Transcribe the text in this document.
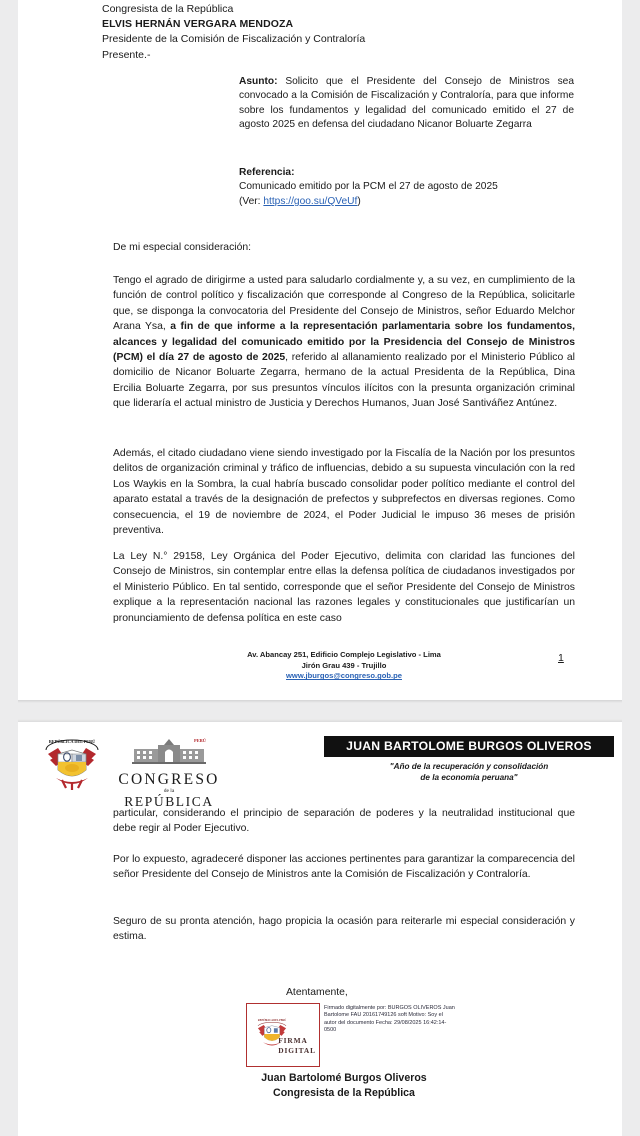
Congresista de la República
ELVIS HERNÁN VERGARA MENDOZA
Presidente de la Comisión de Fiscalización y Contraloría
Presente.-
Asunto: Solicito que el Presidente del Consejo de Ministros sea convocado a la Comisión de Fiscalización y Contraloría, para que informe sobre los fundamentos y legalidad del comunicado emitido el 27 de agosto 2025 en defensa del ciudadano Nicanor Boluarte Zegarra
Referencia:
Comunicado emitido por la PCM el 27 de agosto de 2025
(Ver: https://goo.su/QVeUf)
De mi especial consideración:
Tengo el agrado de dirigirme a usted para saludarlo cordialmente y, a su vez, en cumplimiento de la función de control político y fiscalización que corresponde al Congreso de la República, solicitarle que, se disponga la convocatoria del Presidente del Consejo de Ministros, señor Eduardo Melchor Arana Ysa, a fin de que informe a la representación parlamentaria sobre los fundamentos, alcances y legalidad del comunicado emitido por la Presidencia del Consejo de Ministros (PCM) el día 27 de agosto de 2025, referido al allanamiento realizado por el Ministerio Público al domicilio de Nicanor Boluarte Zegarra, hermano de la actual Presidenta de la República, Dina Ercilia Boluarte Zegarra, por sus presuntos vínculos ilícitos con la presunta organización criminal que lideraría el actual ministro de Justicia y Derechos Humanos, Juan José Santiváñez Antúnez.
Además, el citado ciudadano viene siendo investigado por la Fiscalía de la Nación por los presuntos delitos de organización criminal y tráfico de influencias, debido a su supuesta vinculación con la red Los Waykis en la Sombra, la cual habría buscado consolidar poder político mediante el control del aparato estatal a través de la designación de prefectos y subprefectos en diversas regiones. Como consecuencia, el 19 de noviembre de 2024, el Poder Judicial le impuso 36 meses de prisión preventiva.
La Ley N.° 29158, Ley Orgánica del Poder Ejecutivo, delimita con claridad las funciones del Consejo de Ministros, sin contemplar entre ellas la defensa política de ciudadanos investigados por el Ministerio Público. En tal sentido, corresponde que el señor Presidente del Consejo de Ministros explique a la representación nacional las razones legales y constitucionales que justificarían un pronunciamiento de defensa política en este caso
Av. Abancay 251, Edificio Complejo Legislativo - Lima
Jirón Grau 439 - Trujillo
www.jburgos@congreso.gob.pe
1
REPÚBLICA DEL PERÚ	PERÚ
CONGRESO
de la
REPÚBLICA
JUAN BARTOLOME BURGOS OLIVEROS
"Año de la recuperación y consolidación
de la economía peruana"
particular, considerando el principio de separación de poderes y la neutralidad institucional que debe regir al Poder Ejecutivo.
Por lo expuesto, agradeceré disponer las acciones pertinentes para garantizar la comparecencia del señor Presidente del Consejo de Ministros ante la Comisión de Fiscalización y Contraloría.
Seguro de su pronta atención, hago propicia la ocasión para reiterarle mi especial consideración y estima.
Atentamente,
REPÚBLICA DEL PERÚ
FIRMA
DIGITAL
Firmado digitalmente por: BURGOS OLIVEROS Juan Bartolome FAU 20161749126 soft Motivo: Soy el autor del documento Fecha: 29/08/2025 16:42:14-0500
Juan Bartolomé Burgos Oliveros
Congresista de la República
